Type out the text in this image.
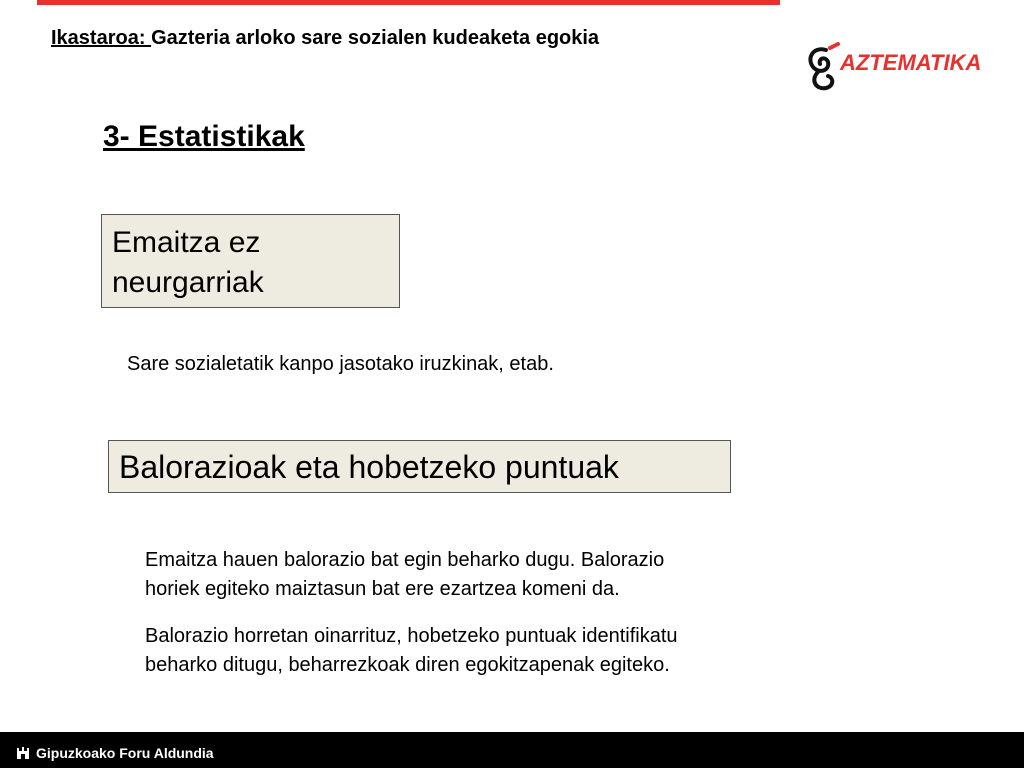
Ikastaroa: Gazteria arloko sare sozialen kudeaketa egokia
AZTEMATIKA
3- Estatistikak
Emaitza ez
neurgarriak
Sare sozialetatik kanpo jasotako iruzkinak, etab.
Balorazioak eta hobetzeko puntuak
Emaitza hauen balorazio bat egin beharko dugu. Balorazio
horiek egiteko maiztasun bat ere ezartzea komeni da.
Balorazio horretan oinarrituz, hobetzeko puntuak identifikatu
beharko ditugu, beharrezkoak diren egokitzapenak egiteko.
Gipuzkoako Foru Aldundia
